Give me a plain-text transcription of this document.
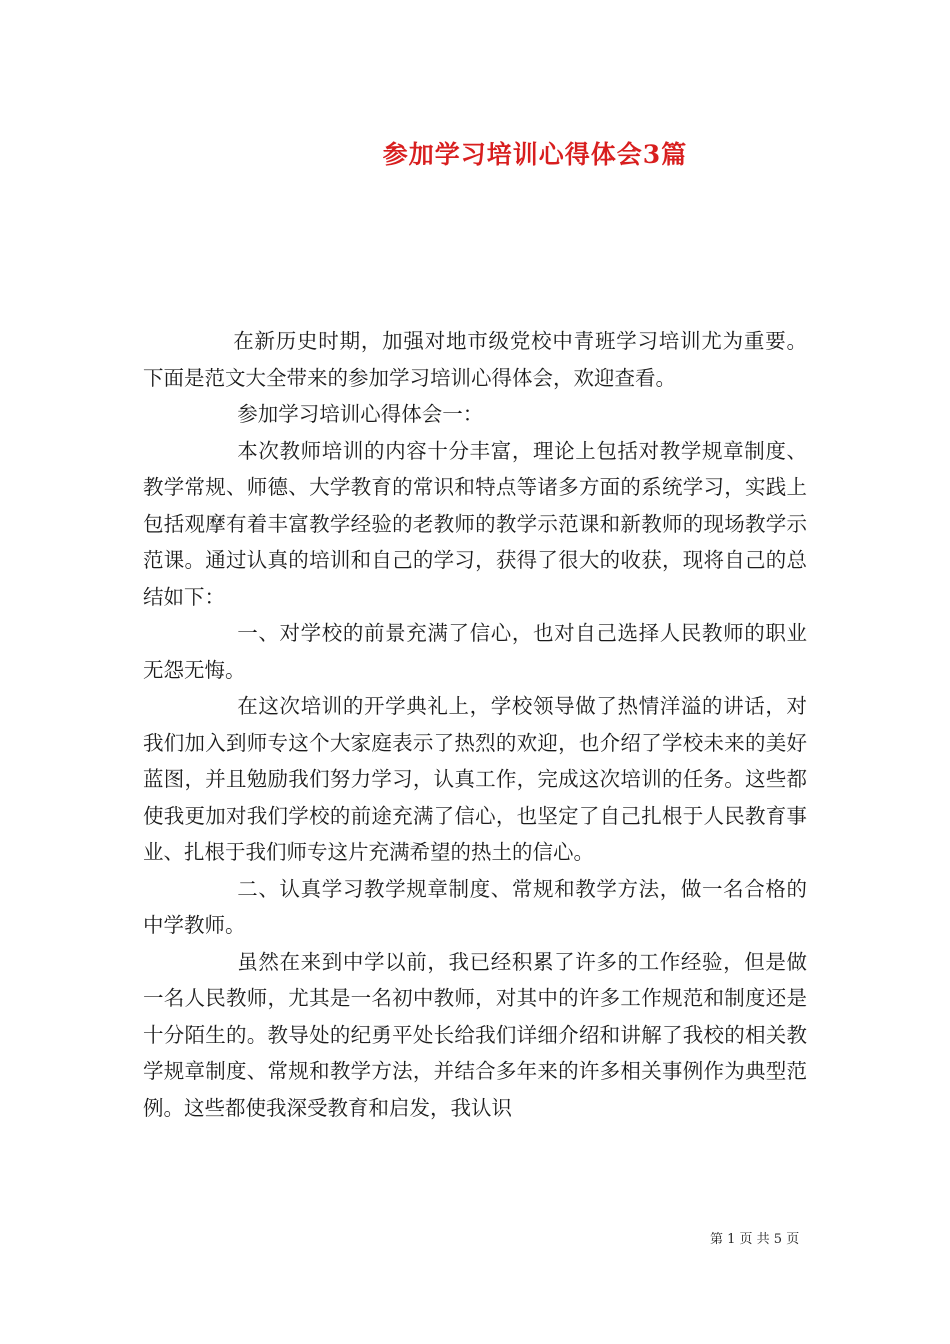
参加学习培训心得体会3篇

在新历史时期，加强对地市级党校中青班学习培训尤为重要。下面是范文大全带来的参加学习培训心得体会，欢迎查看。

参加学习培训心得体会一：

本次教师培训的内容十分丰富，理论上包括对教学规章制度、教学常规、师德、大学教育的常识和特点等诸多方面的系统学习，实践上包括观摩有着丰富教学经验的老教师的教学示范课和新教师的现场教学示范课。通过认真的培训和自己的学习，获得了很大的收获，现将自己的总结如下：

一、对学校的前景充满了信心，也对自己选择人民教师的职业无怨无悔。

在这次培训的开学典礼上，学校领导做了热情洋溢的讲话，对我们加入到师专这个大家庭表示了热烈的欢迎，也介绍了学校未来的美好蓝图，并且勉励我们努力学习，认真工作，完成这次培训的任务。这些都使我更加对我们学校的前途充满了信心，也坚定了自己扎根于人民教育事业、扎根于我们师专这片充满希望的热土的信心。

二、认真学习教学规章制度、常规和教学方法，做一名合格的中学教师。

虽然在来到中学以前，我已经积累了许多的工作经验，但是做一名人民教师，尤其是一名初中教师，对其中的许多工作规范和制度还是十分陌生的。教导处的纪勇平处长给我们详细介绍和讲解了我校的相关教学规章制度、常规和教学方法，并结合多年来的许多相关事例作为典型范例。这些都使我深受教育和启发，我认识

第 1 页 共 5 页
